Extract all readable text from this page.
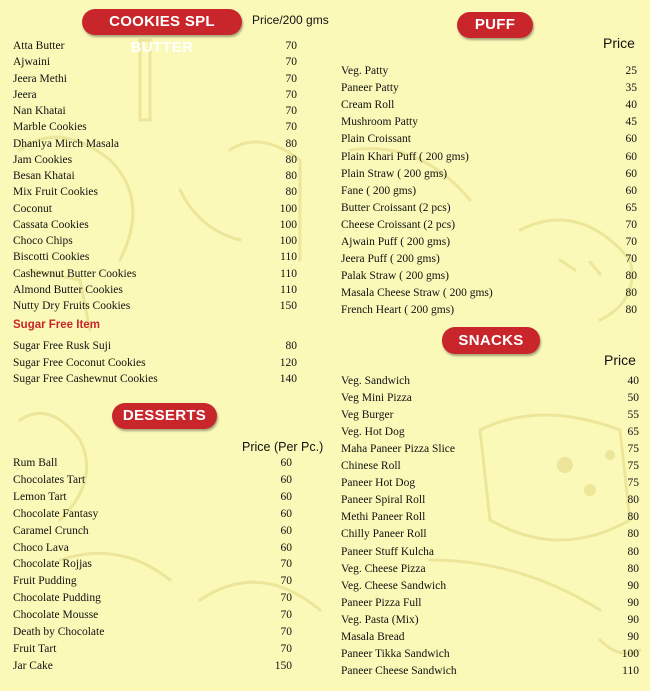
COOKIES SPL BUTTER
Price/200 gms
Atta Butter	70
Ajwaini	70
Jeera Methi	70
Jeera	70
Nan Khatai	70
Marble Cookies	70
Dhaniya Mirch Masala	80
Jam Cookies	80
Besan Khatai	80
Mix Fruit Cookies	80
Coconut	100
Cassata Cookies	100
Choco Chips	100
Biscotti Cookies	110
Cashewnut Butter Cookies	110
Almond Butter Cookies	110
Nutty Dry Fruits Cookies	150
Sugar Free Item
Sugar Free Rusk Suji	80
Sugar Free Coconut Cookies	120
Sugar Free Cashewnut Cookies	140
DESSERTS
Price (Per Pc.)
Rum Ball	60
Chocolates Tart	60
Lemon Tart	60
Chocolate Fantasy	60
Caramel Crunch	60
Choco Lava	60
Chocolate Rojjas	70
Fruit Pudding	70
Chocolate Pudding	70
Chocolate Mousse	70
Death by Chocolate	70
Fruit Tart	70
Jar Cake	150
PUFF
Price
Veg. Patty	25
Paneer Patty	35
Cream Roll	40
Mushroom Patty	45
Plain Croissant	60
Plain Khari Puff ( 200 gms)	60
Plain Straw ( 200 gms)	60
Fane ( 200 gms)	60
Butter Croissant (2 pcs)	65
Cheese Croissant (2 pcs)	70
Ajwain Puff ( 200 gms)	70
Jeera Puff ( 200 gms)	70
Palak Straw ( 200 gms)	80
Masala Cheese Straw ( 200 gms)	80
French Heart ( 200 gms)	80
SNACKS
Price
Veg. Sandwich	40
Veg Mini Pizza	50
Veg Burger	55
Veg. Hot Dog	65
Maha Paneer Pizza Slice	75
Chinese Roll	75
Paneer Hot Dog	75
Paneer Spiral Roll	80
Methi Paneer Roll	80
Chilly Paneer Roll	80
Paneer Stuff Kulcha	80
Veg. Cheese Pizza	80
Veg. Cheese Sandwich	90
Paneer Pizza Full	90
Veg. Pasta (Mix)	90
Masala Bread	90
Paneer Tikka Sandwich	100
Paneer Cheese Sandwich	110
